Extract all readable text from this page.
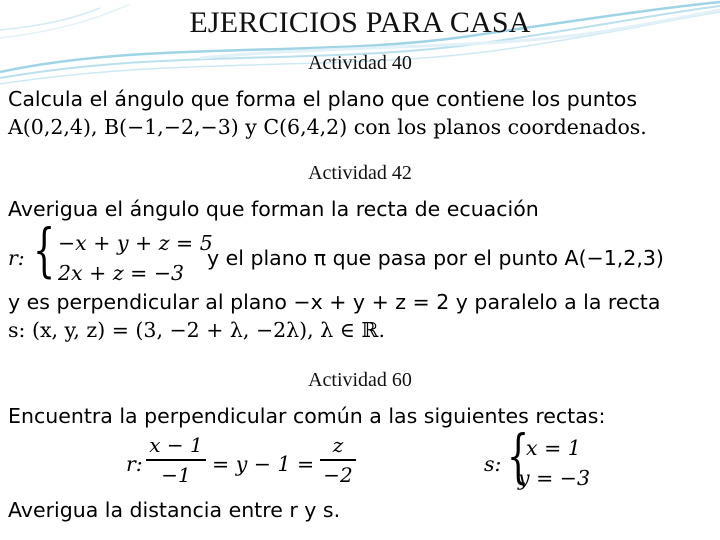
EJERCICIOS PARA CASA
Actividad 40
Calcula el ángulo que forma el plano que contiene los puntos
A(0,2,4), B(−1,−2,−3) y C(6,4,2) con los planos coordenados.
Actividad 42
Averigua el ángulo que forman la recta de ecuación
r: { −x + y + z = 5
2x + z = −3
y el plano π que pasa por el punto A(−1,2,3)
y es perpendicular al plano −x + y + z = 2 y paralelo a la recta
s: (x, y, z) = (3, −2 + λ, −2λ), λ ∈ ℝ.
Actividad 60
Encuentra la perpendicular común a las siguientes rectas:
r:
x − 1
−1	= y − 1 =
z
−2	s: {
x = 1
y = −3
Averigua la distancia entre r y s.
